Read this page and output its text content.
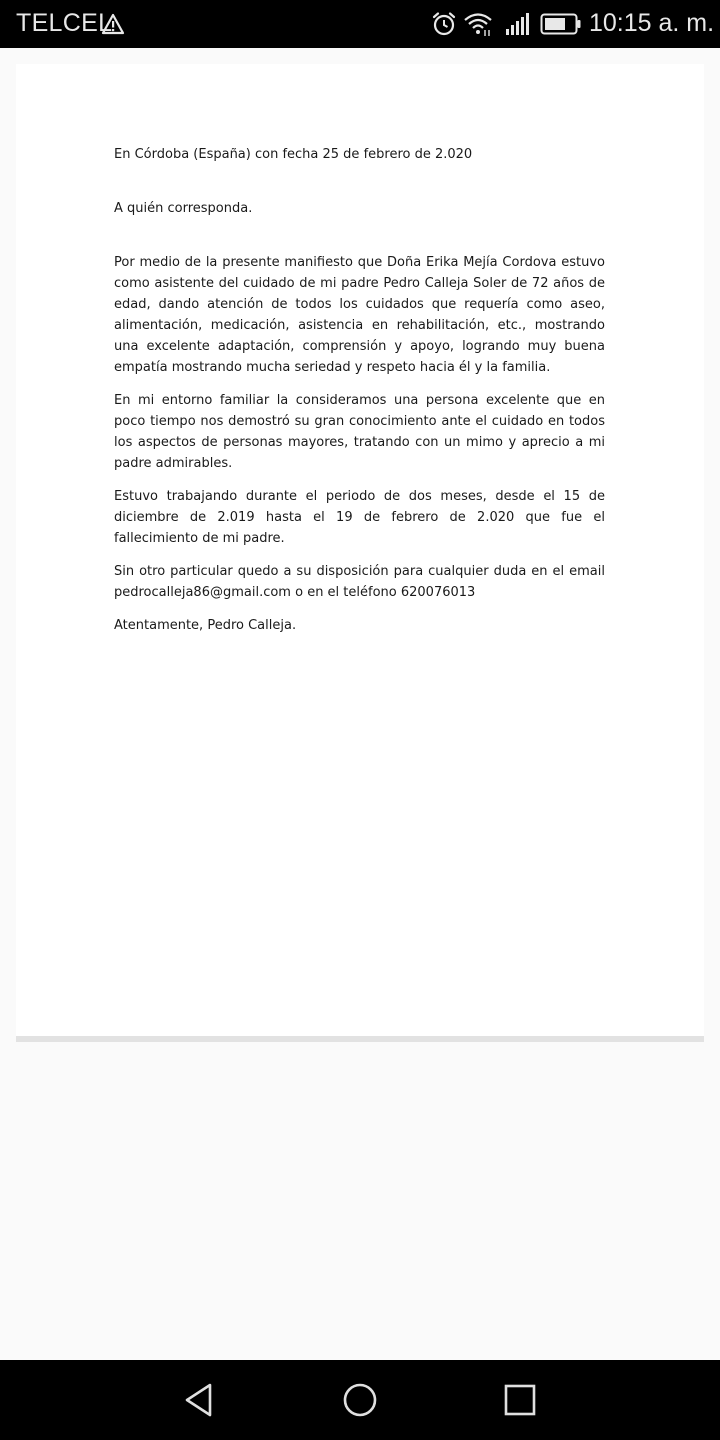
TELCEL	10:15 a. m.

En Córdoba (España) con fecha 25 de febrero de 2.020

A quién corresponda.

Por medio de la presente manifiesto que Doña Erika Mejía Cordova estuvo como asistente del cuidado de mi padre Pedro Calleja Soler de 72 años de edad, dando atención de todos los cuidados que requería como aseo, alimentación, medicación, asistencia en rehabilitación, etc., mostrando una excelente adaptación, comprensión y apoyo, logrando muy buena empatía mostrando mucha seriedad y respeto hacia él y la familia.

En mi entorno familiar la consideramos una persona excelente que en poco tiempo nos demostró su gran conocimiento ante el cuidado en todos los aspectos de personas mayores, tratando con un mimo y aprecio a mi padre admirables.

Estuvo trabajando durante el periodo de dos meses, desde el 15 de diciembre de 2.019 hasta el 19 de febrero de 2.020 que fue el fallecimiento de mi padre.

Sin otro particular quedo a su disposición para cualquier duda en el email pedrocalleja86@gmail.com o en el teléfono 620076013

Atentamente, Pedro Calleja.
